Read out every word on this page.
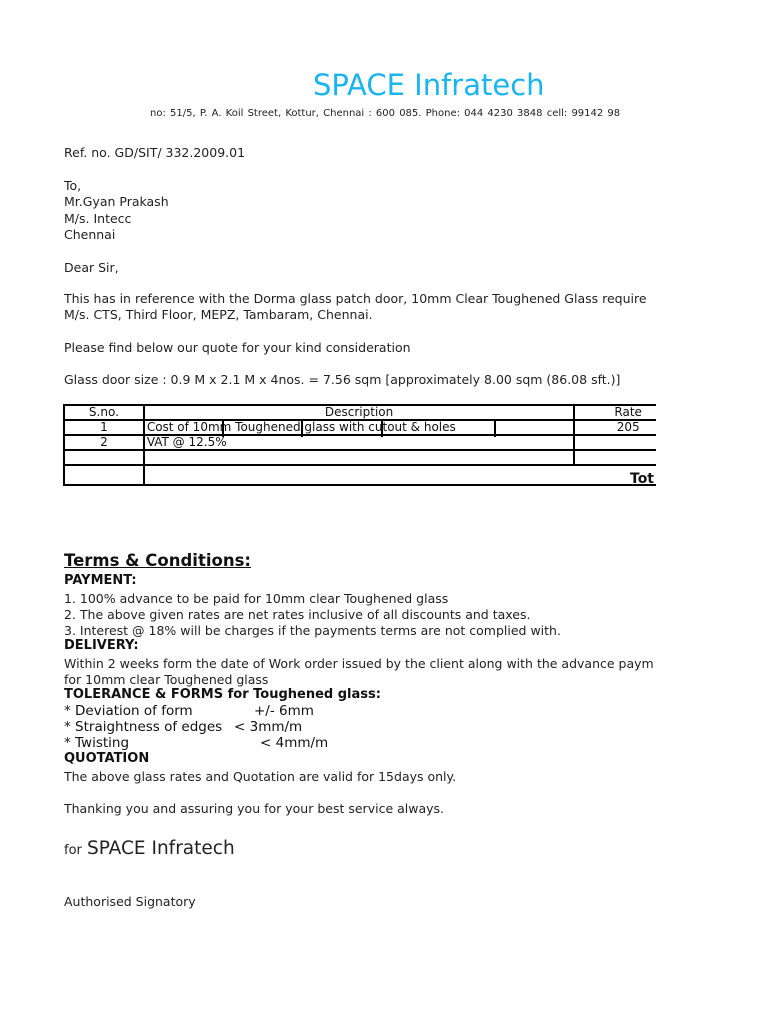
SPACE Infratech
no: 51/5, P. A. Koil Street, Kottur, Chennai : 600 085. Phone: 044 4230 3848 cell: 99142 98
Ref. no. GD/SIT/ 332.2009.01
To,
Mr.Gyan Prakash
M/s. Intecc
Chennai
Dear Sir,
This has in reference with the Dorma glass patch door, 10mm Clear Toughened Glass require
M/s. CTS, Third Floor, MEPZ, Tambaram, Chennai.
Please find below our quote for your kind consideration
Glass door size : 0.9 M x 2.1 M x 4nos. = 7.56 sqm [approximately 8.00 sqm (86.08 sft.)]
S.no.	Description	Rate
1	Cost of 10mm Toughened glass with cutout & holes	205
2	VAT @ 12.5%	

Tot
Terms & Conditions:
PAYMENT:
1. 100% advance to be paid for 10mm clear Toughened glass
2. The above given rates are net rates inclusive of all discounts and taxes.
3. Interest @ 18% will be charges if the payments terms are not complied with.
DELIVERY:
Within 2 weeks form the date of Work order issued by the client along with the advance paym
for 10mm clear Toughened glass
TOLERANCE & FORMS for Toughened glass:
* Deviation of form	+/- 6mm
* Straightness of edges < 3mm/m
* Twisting	< 4mm/m
QUOTATION
The above glass rates and Quotation are valid for 15days only.
Thanking you and assuring you for your best service always.
for SPACE Infratech
Authorised Signatory
